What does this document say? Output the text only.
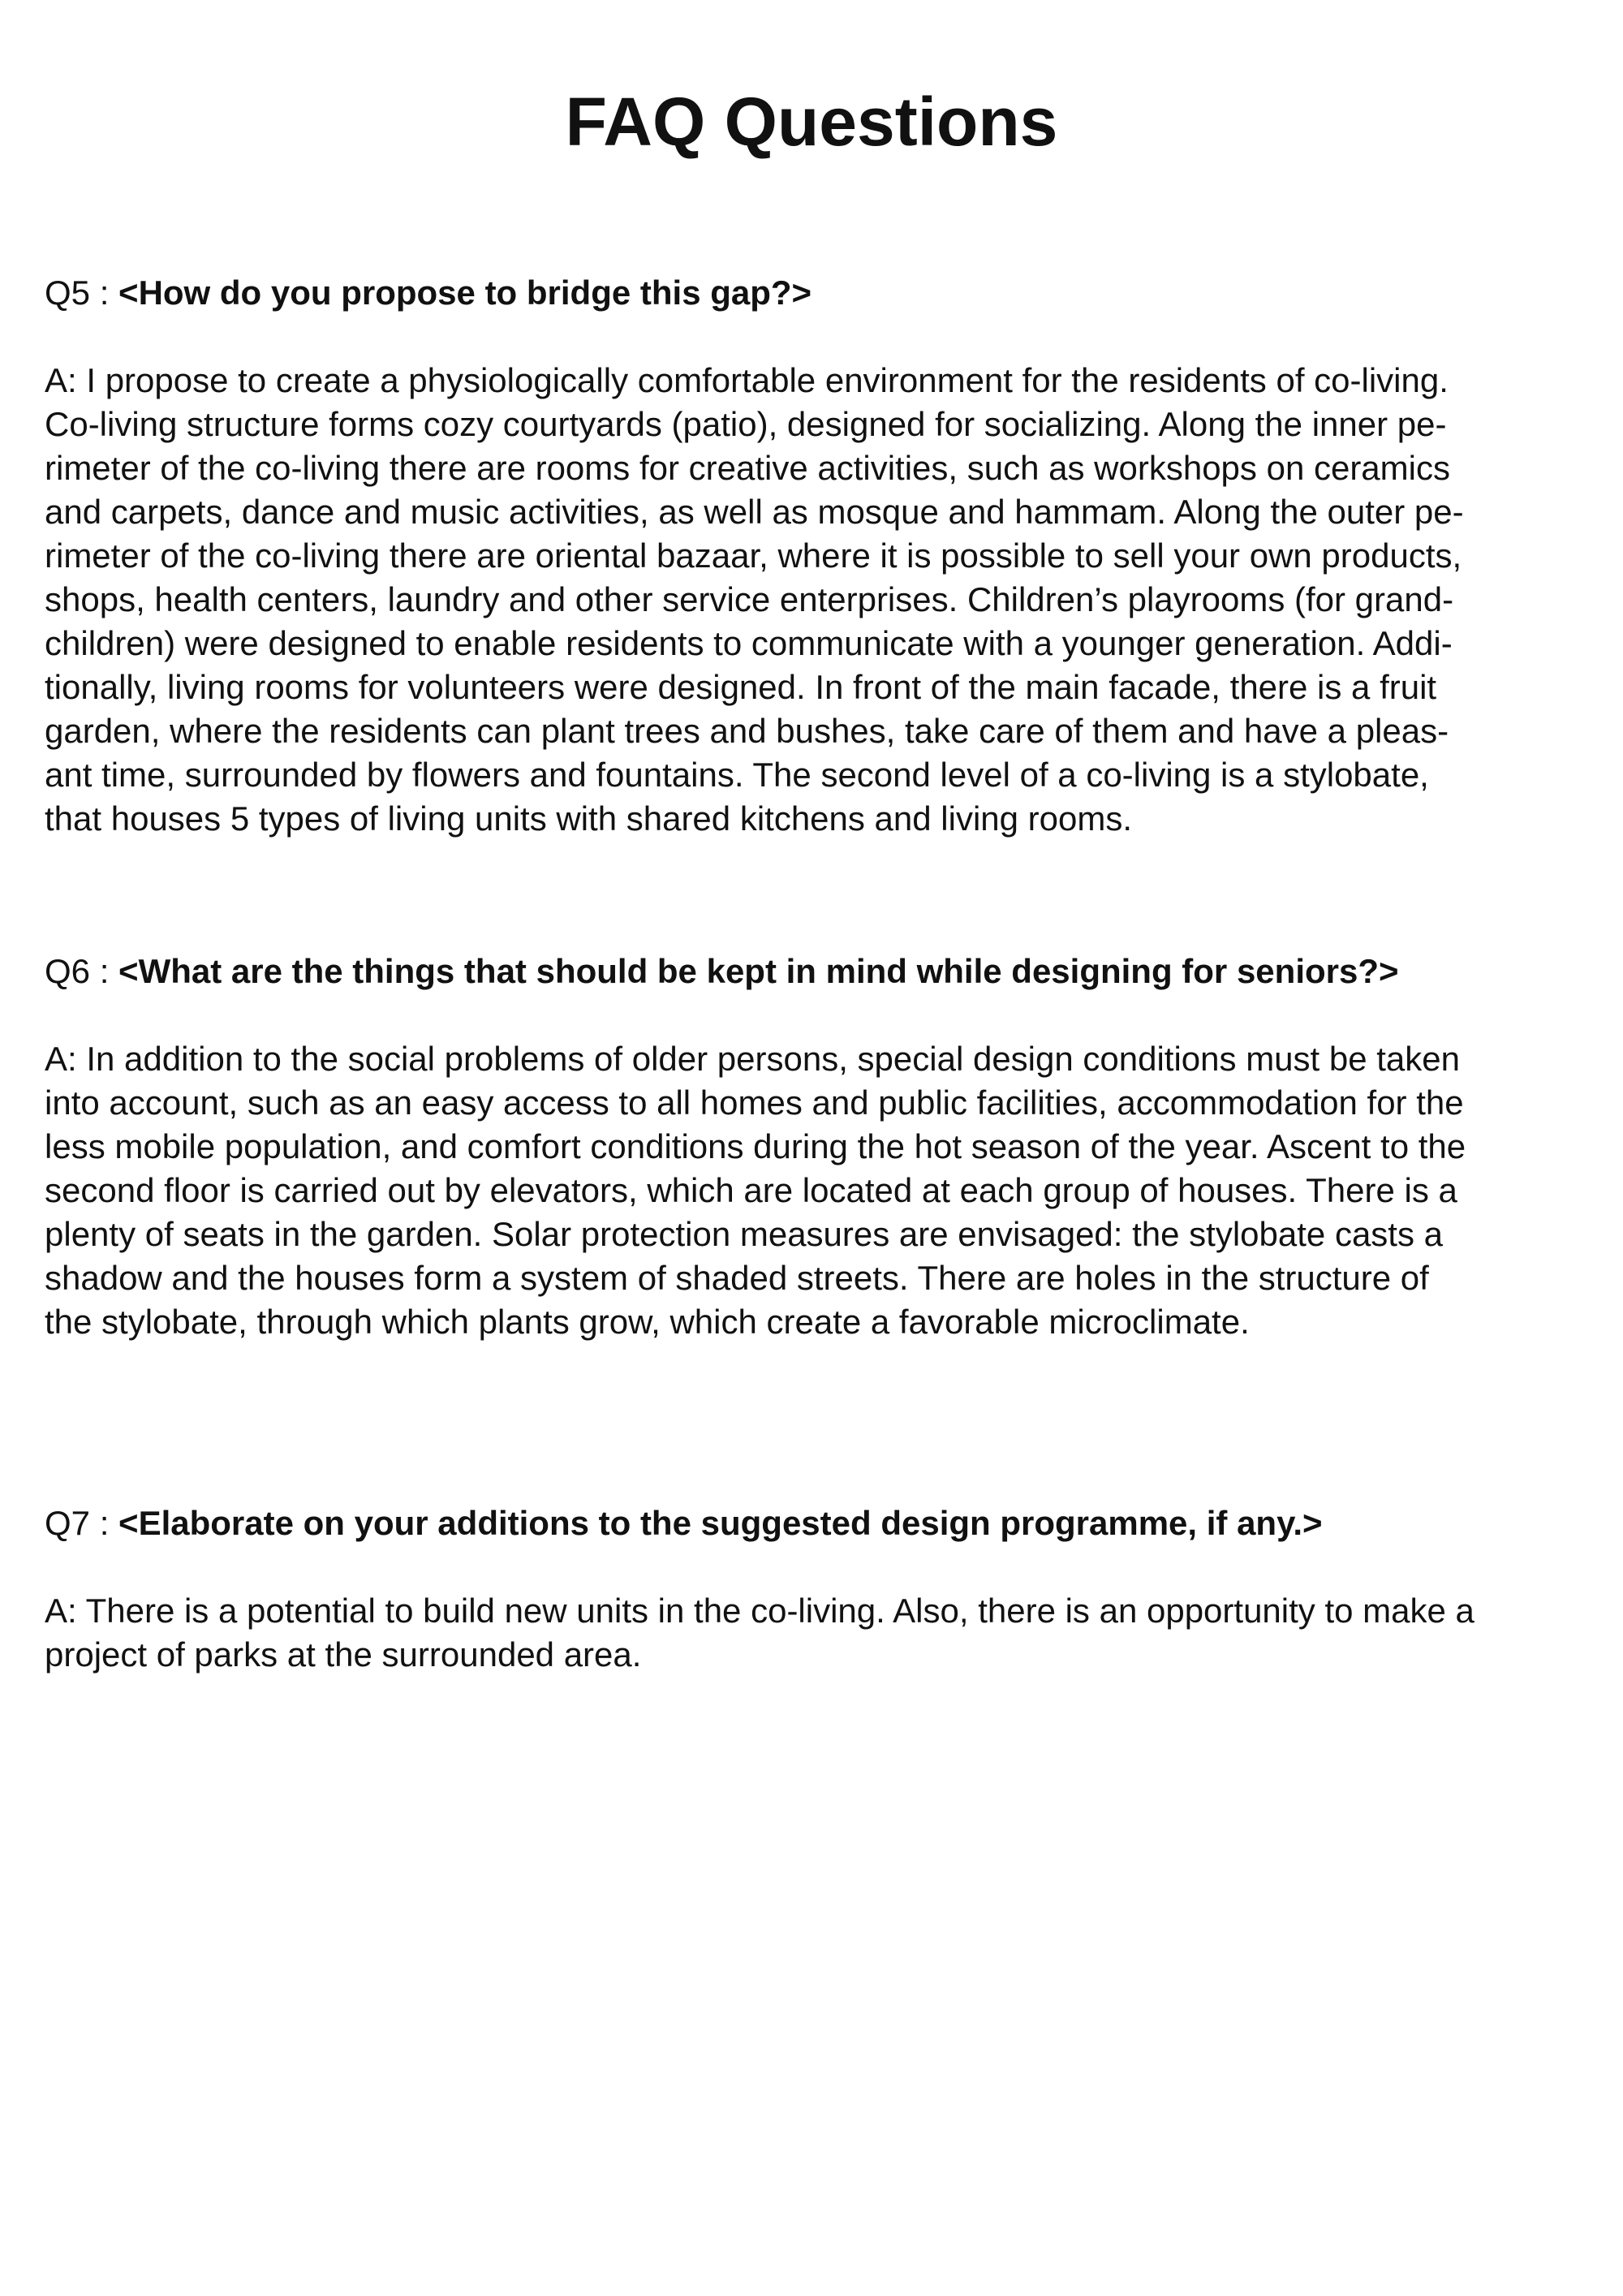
FAQ Questions

Q5 : <How do you propose to bridge this gap?>

A: I propose to create a physiologically comfortable environment for the residents of co-living.
Co-living structure forms cozy courtyards (patio), designed for socializing. Along the inner pe-
rimeter of the co-living there are rooms for creative activities, such as workshops on ceramics
and carpets, dance and music activities, as well as mosque and hammam. Along the outer pe-
rimeter of the co-living there are oriental bazaar, where it is possible to sell your own products,
shops, health centers, laundry and other service enterprises. Children’s playrooms (for grand-
children) were designed to enable residents to communicate with a younger generation. Addi-
tionally, living rooms for volunteers were designed. In front of the main facade, there is a fruit
garden, where the residents can plant trees and bushes, take care of them and have a pleas-
ant time, surrounded by flowers and fountains. The second level of a co-living is a stylobate,
that houses 5 types of living units with shared kitchens and living rooms.

Q6 : <What are the things that should be kept in mind while designing for seniors?>

A: In addition to the social problems of older persons, special design conditions must be taken
into account, such as an easy access to all homes and public facilities, accommodation for the
less mobile population, and comfort conditions during the hot season of the year. Ascent to the
second floor is carried out by elevators, which are located at each group of houses. There is a
plenty of seats in the garden. Solar protection measures are envisaged: the stylobate casts a
shadow and the houses form a system of shaded streets. There are holes in the structure of
the stylobate, through which plants grow, which create a favorable microclimate.

Q7 : <Elaborate on your additions to the suggested design programme, if any.>

A: There is a potential to build new units in the co-living. Also, there is an opportunity to make a
project of parks at the surrounded area.
